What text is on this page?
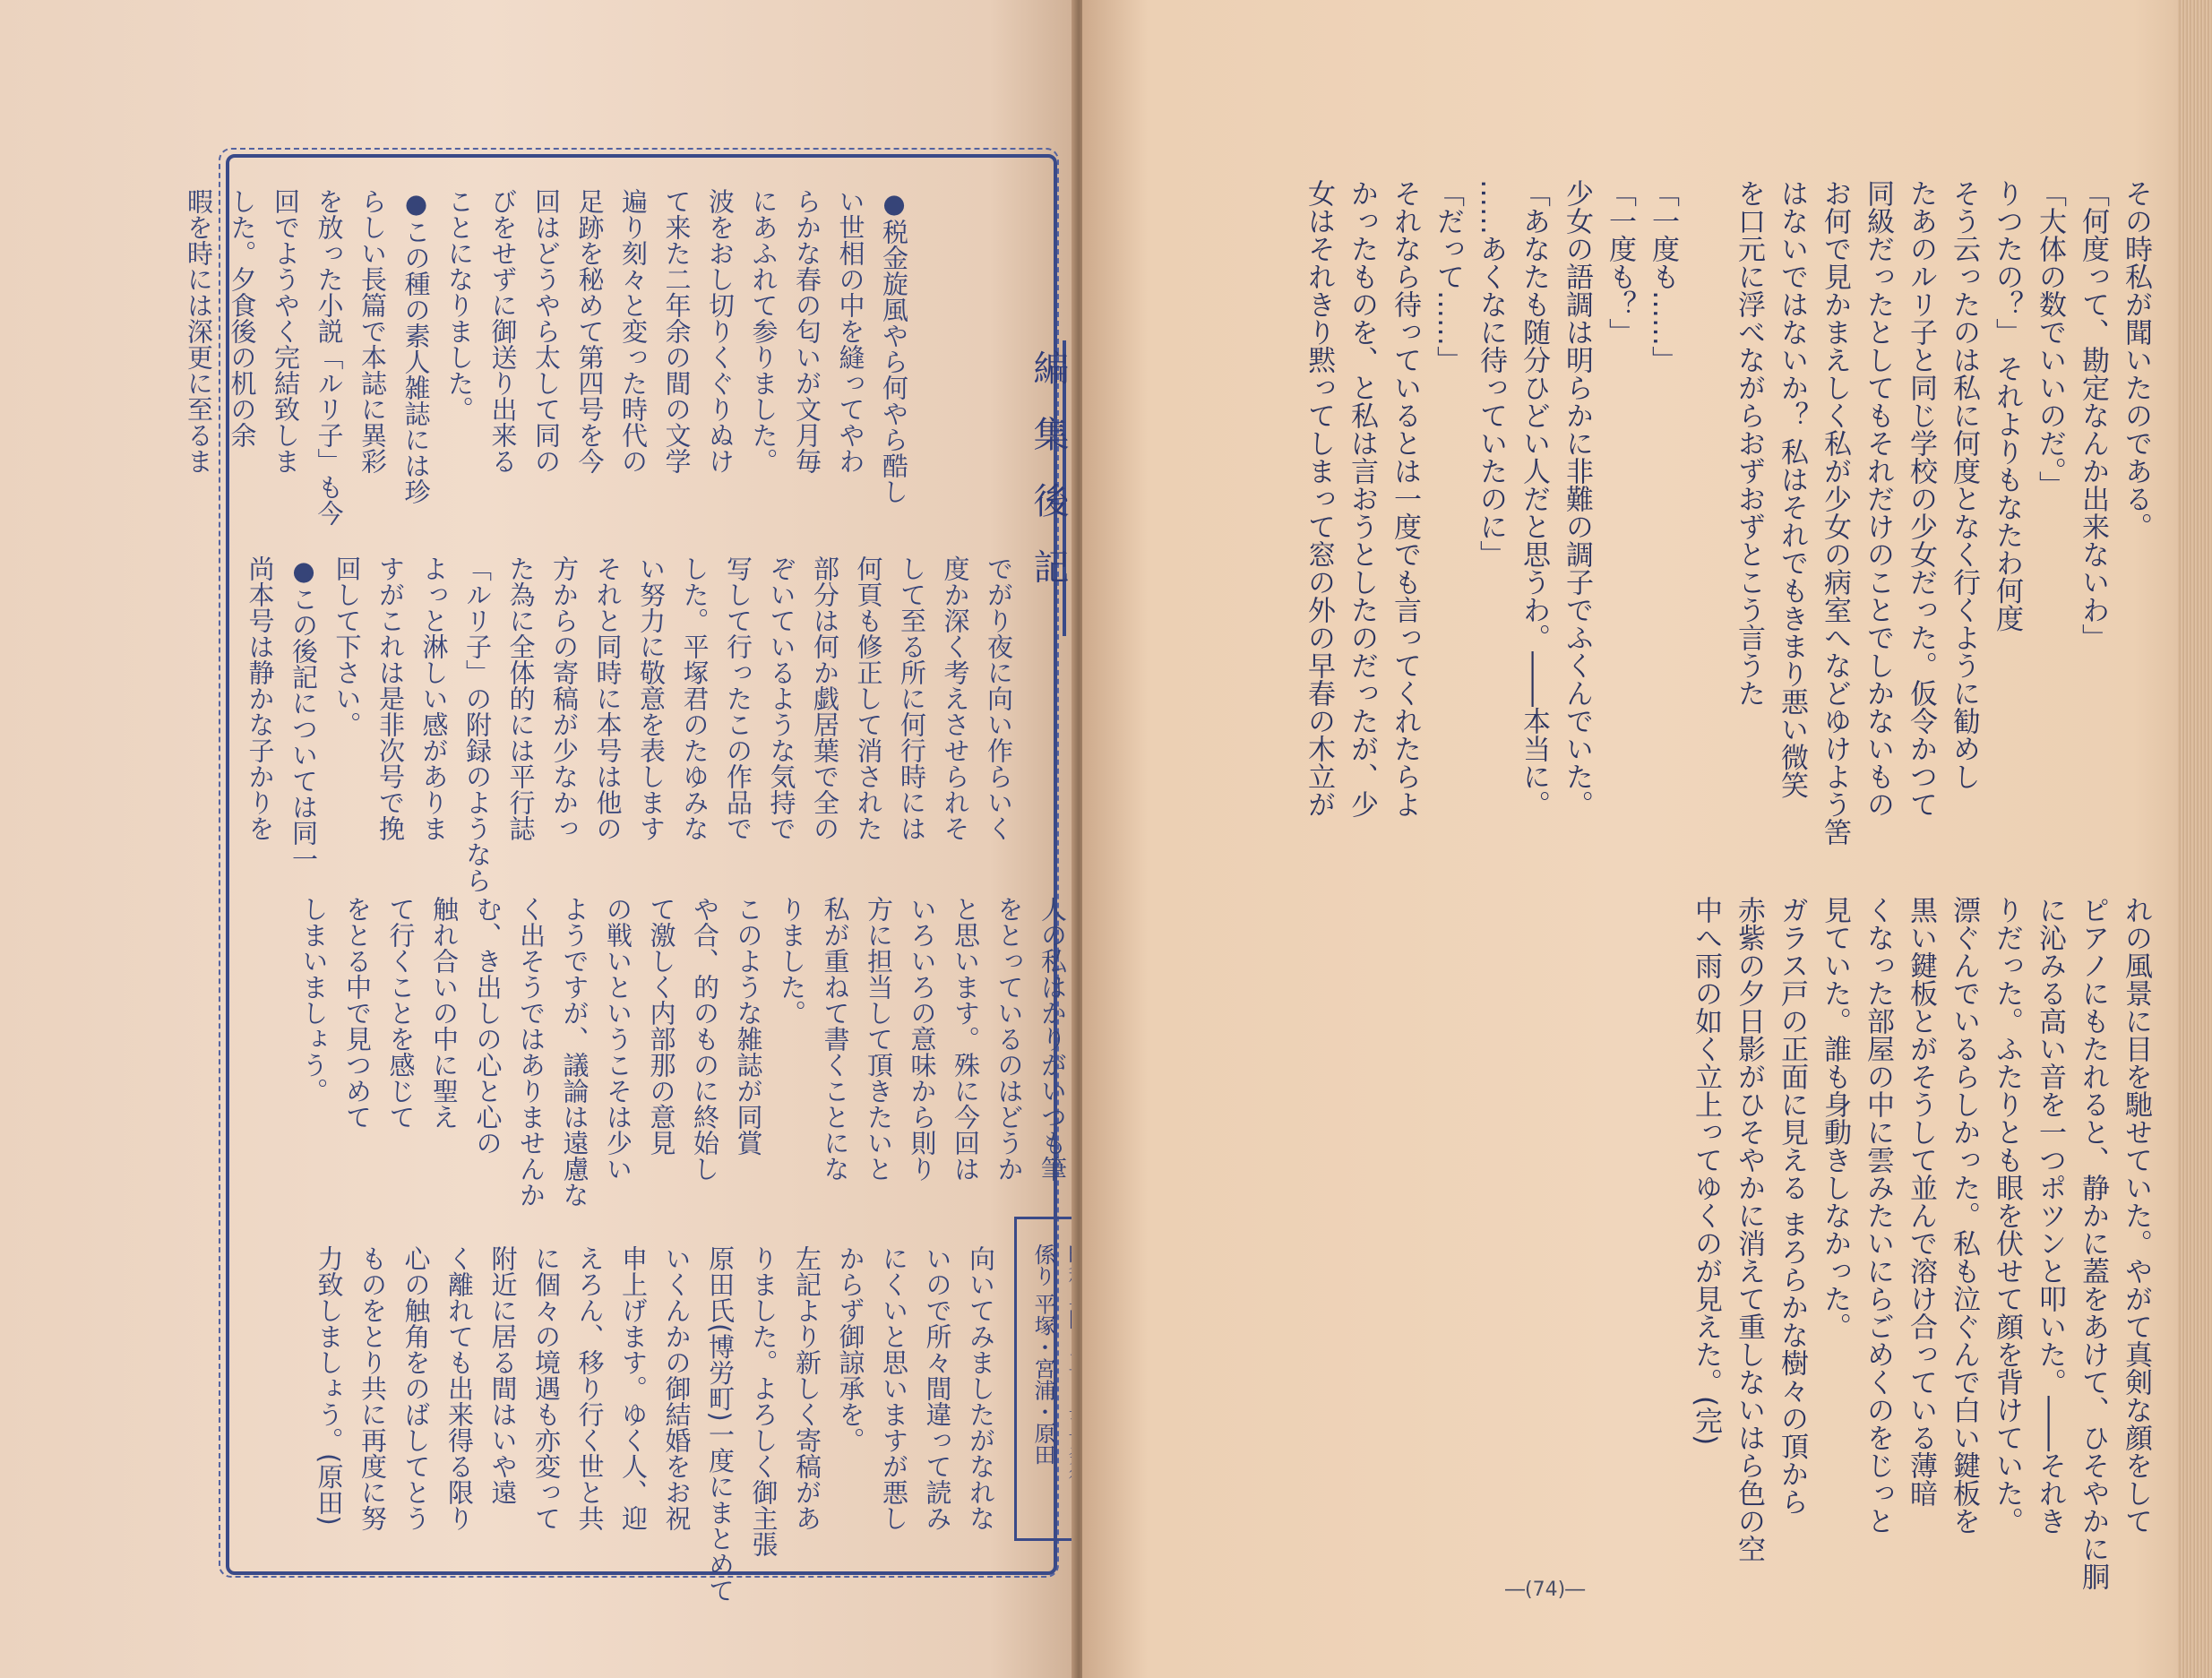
編集後記
●税金旋風やら何やら酷し
い世相の中を縫ってやわ
らかな春の匂いが文月毎
にあふれて参りました。
波をおし切りくぐりぬけ
て来た二年余の間の文学
遍り刻々と変った時代の
足跡を秘めて第四号を今
回はどうやら太して同の
びをせずに御送り出来る
ことになりました。
●この種の素人雑誌には珍
らしい長篇で本誌に異彩
を放った小説「ルリ子」も今
回でようやく完結致しま
した。夕食後の机の余
暇を時には深更に至るま
でがり夜に向い作らいく
度か深く考えさせられそ
して至る所に何行時には
何頁も修正して消された
部分は何か戯居葉で全の
ぞいているような気持で
写して行ったこの作品で
した。平塚君のたゆみな
い努力に敬意を表します
それと同時に本号は他の
方からの寄稿が少なかっ
た為に全体的には平行誌
「ルリ子」の附録のようなら
よっと淋しい感がありま
すがこれは是非次号で挽
回して下さい。
●この後記については同一
尚本号は静かな子かりを
人の私はかりがいつも筆
をとっているのはどうか
と思います。殊に今回は
いろいろの意味から則り
方に担当して頂きたいと
私が重ねて書くことにな
りました。
このような雑誌が同賞
や合、的のものに終始し
て激しく内部那の意見
の戦いというこそは少い
ようですが、議論は遠慮な
く出そうではありませんか
む、き出しの心と心の
触れ合いの中に聖え
て行くことを感じて
をとる中で見つめて
しまいましょう。
向いてみましたがなれな
いので所々間違って読み
にくいと思いますが悪し
からず御諒承を。
左記より新しく寄稿があ
りました。よろしく御主張
原田氏(博労町)一度にまとめて
いくんかの御結婚をお祝
申上げます。ゆく人、迎
えろん、移り行く世と共
に個々の境遇も亦変って
附近に居る間はいや遠
く離れても出来得る限り
心の触角をのばしてとう
ものをとり共に再度に努
力致しましょう。(原田)	係り 平塚・宮浦・原田
その時私が聞いたのである。
「何度って、勘定なんか出来ないわ」
「大体の数でいいのだ。」
りつたの？」 それよりもなたわ何度
そう云ったのは私に何度となく行くように勧めし
たあのルリ子と同じ学校の少女だった。仮令かつて
同級だったとしてもそれだけのことでしかないもの
お何で見かまえしく私が少女の病室へなどゆけよう筈
はないではないか？ 私はそれでもきまり悪い微笑
を口元に浮べながらおずおずとこう言うた
「一度も……」
「一度も？」
少女の語調は明らかに非難の調子でふくんでいた。
「あなたも随分ひどい人だと思うわ。――本当に。
……あくなに待っていたのに」
「だって……」
それなら待っているとは一度でも言ってくれたらよ
かったものを、と私は言おうとしたのだったが、少
女はそれきり黙ってしまって窓の外の早春の木立が
れの風景に目を馳せていた。やがて真剣な顔をして
ピアノにもたれると、静かに蓋をあけて、ひそやかに胴
に沁みる高い音を一つポツンと叩いた。――それき
りだった。ふたりとも眼を伏せて顔を背けていた。
漂ぐんでいるらしかった。私も泣ぐんで白い鍵板を
黒い鍵板とがそうして並んで溶け合っている薄暗
くなった部屋の中に雲みたいにらごめくのをじっと
見ていた。誰も身動きしなかった。
ガラス戸の正面に見える まろらかな樹々の頂から
赤紫の夕日影がひそやかに消えて重しないはら色の空
中へ雨の如く立上ってゆくのが見えた。(完)
―(74)―
